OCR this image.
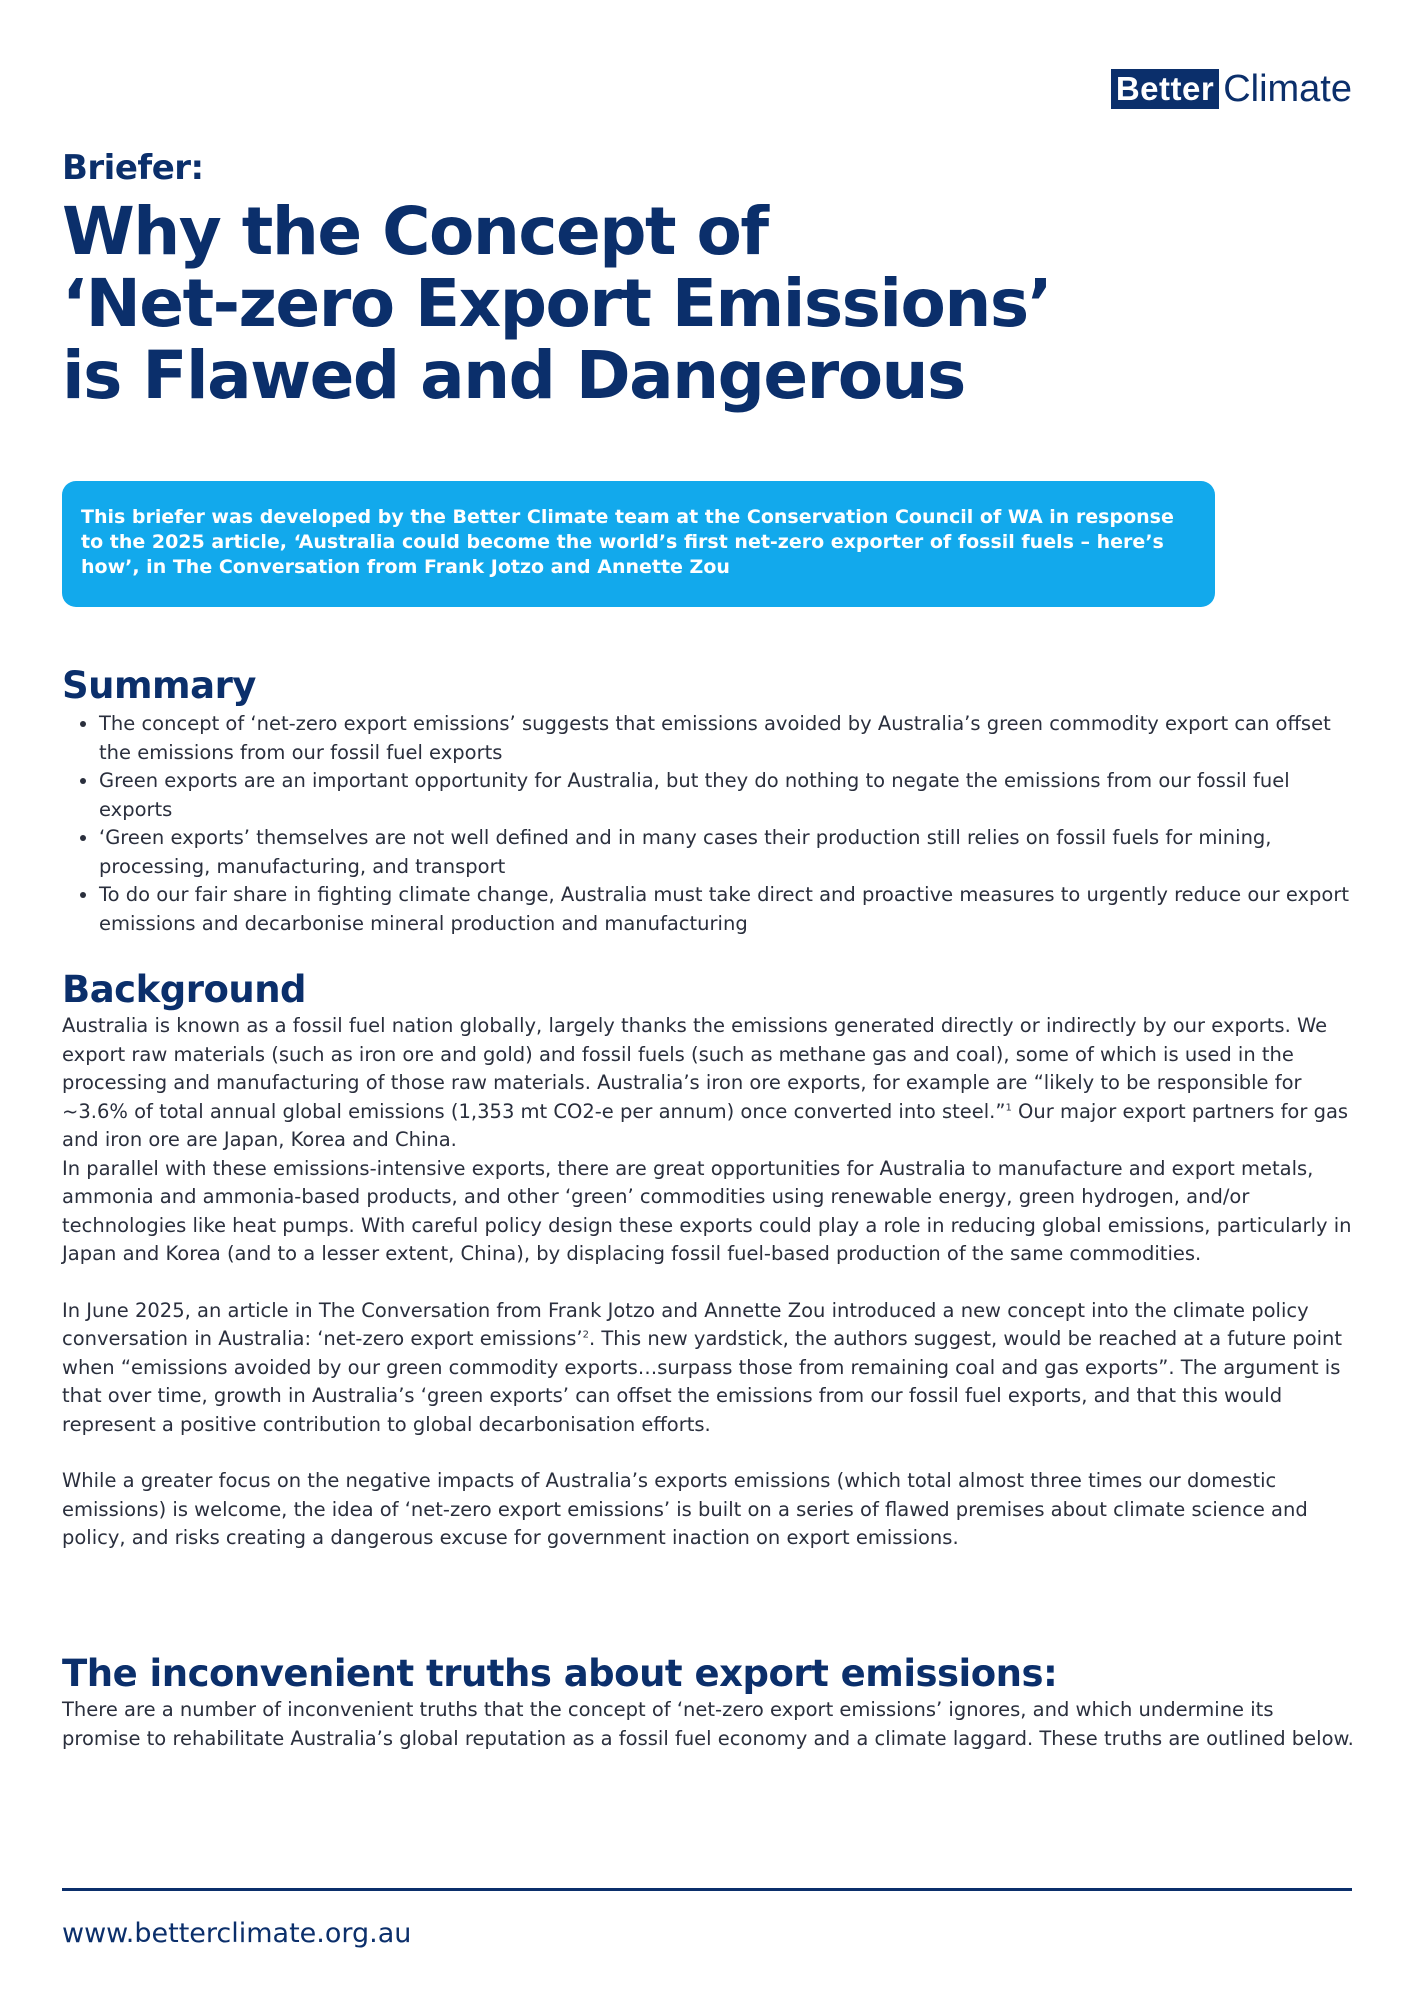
Better Climate
Briefer:
Why the Concept of
‘Net-zero Export Emissions’
is Flawed and Dangerous
This briefer was developed by the Better Climate team at the Conservation Council of WA in response to the 2025 article, ‘Australia could become the world’s first net-zero exporter of fossil fuels – here’s how’, in The Conversation from Frank Jotzo and Annette Zou
Summary
• The concept of ‘net-zero export emissions’ suggests that emissions avoided by Australia’s green commodity export can offset the emissions from our fossil fuel exports
• Green exports are an important opportunity for Australia, but they do nothing to negate the emissions from our fossil fuel exports
• ‘Green exports’ themselves are not well defined and in many cases their production still relies on fossil fuels for mining, processing, manufacturing, and transport
• To do our fair share in fighting climate change, Australia must take direct and proactive measures to urgently reduce our export emissions and decarbonise mineral production and manufacturing
Background

Australia is known as a fossil fuel nation globally, largely thanks the emissions generated directly or indirectly by our exports. We export raw materials (such as iron ore and gold) and fossil fuels (such as methane gas and coal), some of which is used in the processing and manufacturing of those raw materials. Australia’s iron ore exports, for example are “likely to be responsible for ~3.6% of total annual global emissions (1,353 mt CO2-e per annum) once converted into steel.”$^1$ Our major export partners for gas and iron ore are Japan, Korea and China.

In parallel with these emissions-intensive exports, there are great opportunities for Australia to manufacture and export metals, ammonia and ammonia-based products, and other ‘green’ commodities using renewable energy, green hydrogen, and/or technologies like heat pumps. With careful policy design these exports could play a role in reducing global emissions, particularly in Japan and Korea (and to a lesser extent, China), by displacing fossil fuel-based production of the same commodities.

In June 2025, an article in The Conversation from Frank Jotzo and Annette Zou introduced a new concept into the climate policy conversation in Australia: ‘net-zero export emissions’$^2$. This new yardstick, the authors suggest, would be reached at a future point when “emissions avoided by our green commodity exports…surpass those from remaining coal and gas exports”. The argument is that over time, growth in Australia’s ‘green exports’ can offset the emissions from our fossil fuel exports, and that this would represent a positive contribution to global decarbonisation efforts.

While a greater focus on the negative impacts of Australia’s exports emissions (which total almost three times our domestic emissions) is welcome, the idea of ‘net-zero export emissions’ is built on a series of flawed premises about climate science and policy, and risks creating a dangerous excuse for government inaction on export emissions.

The inconvenient truths about export emissions:

There are a number of inconvenient truths that the concept of ‘net-zero export emissions’ ignores, and which undermine its promise to rehabilitate Australia’s global reputation as a fossil fuel economy and a climate laggard. These truths are outlined below.

www.betterclimate.org.au
